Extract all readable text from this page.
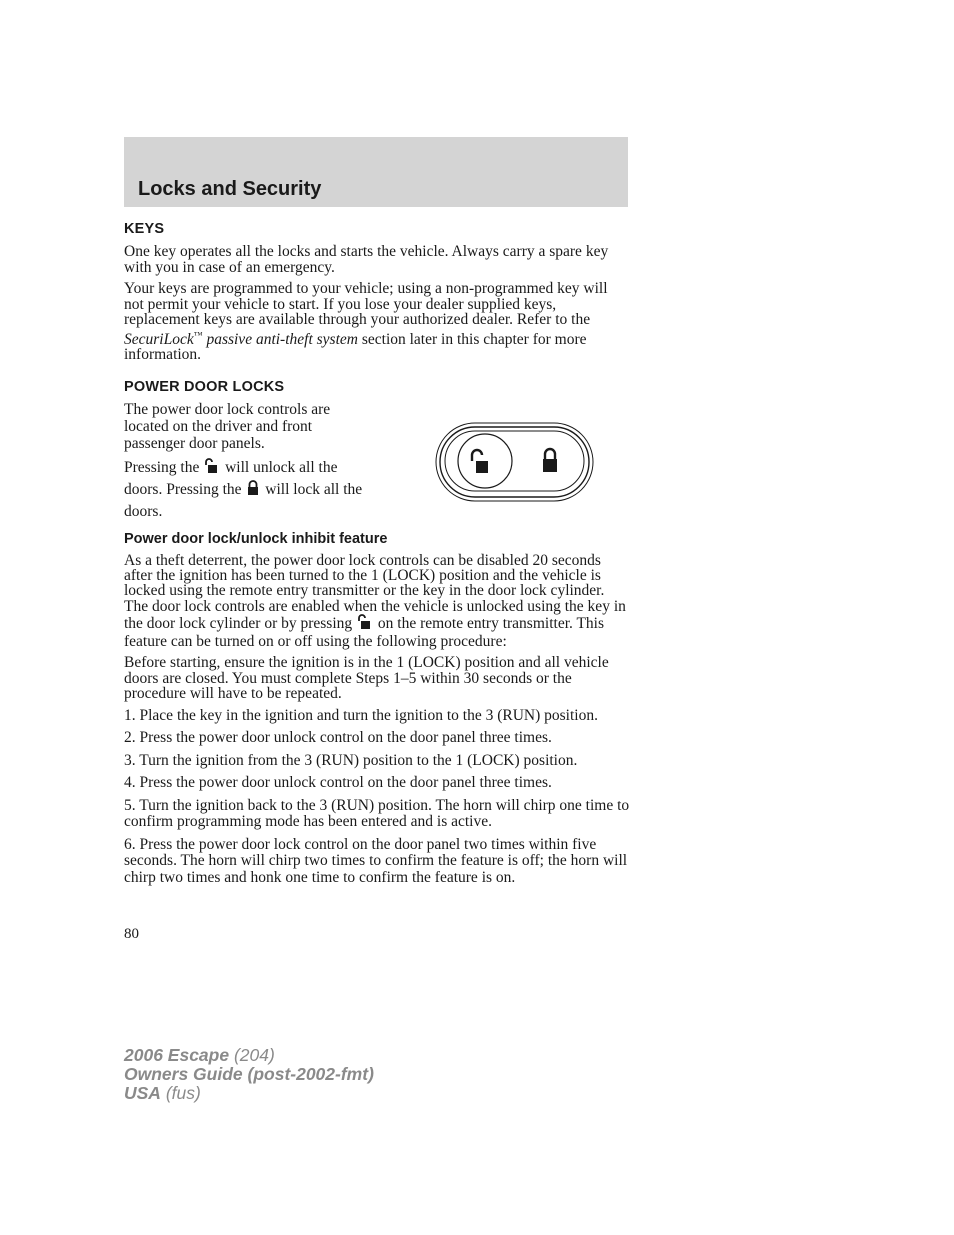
Locks and Security
KEYS

One key operates all the locks and starts the vehicle. Always carry a spare key with you in case of an emergency.

Your keys are programmed to your vehicle; using a non-programmed key will not permit your vehicle to start. If you lose your dealer supplied keys, replacement keys are available through your authorized dealer. Refer to the SecuriLock™ passive anti-theft system section later in this chapter for more information.

POWER DOOR LOCKS

The power door lock controls are located on the driver and front passenger door panels.

Pressing the will unlock all the doors. Pressing the will lock all the doors.

Power door lock/unlock inhibit feature

As a theft deterrent, the power door lock controls can be disabled 20 seconds after the ignition has been turned to the 1 (LOCK) position and the vehicle is locked using the remote entry transmitter or the key in the door lock cylinder. The door lock controls are enabled when the vehicle is unlocked using the key in the door lock cylinder or by pressing on the remote entry transmitter. This feature can be turned on or off using the following procedure:

Before starting, ensure the ignition is in the 1 (LOCK) position and all vehicle doors are closed. You must complete Steps 1–5 within 30 seconds or the procedure will have to be repeated.

1. Place the key in the ignition and turn the ignition to the 3 (RUN) position.

2. Press the power door unlock control on the door panel three times.

3. Turn the ignition from the 3 (RUN) position to the 1 (LOCK) position.

4. Press the power door unlock control on the door panel three times.

5. Turn the ignition back to the 3 (RUN) position. The horn will chirp one time to confirm programming mode has been entered and is active.

6. Press the power door lock control on the door panel two times within five seconds. The horn will chirp two times to confirm the feature is off; the horn will chirp two times and honk one time to confirm the feature is on.

80
2006 Escape (204)
Owners Guide (post-2002-fmt)
USA (fus)
